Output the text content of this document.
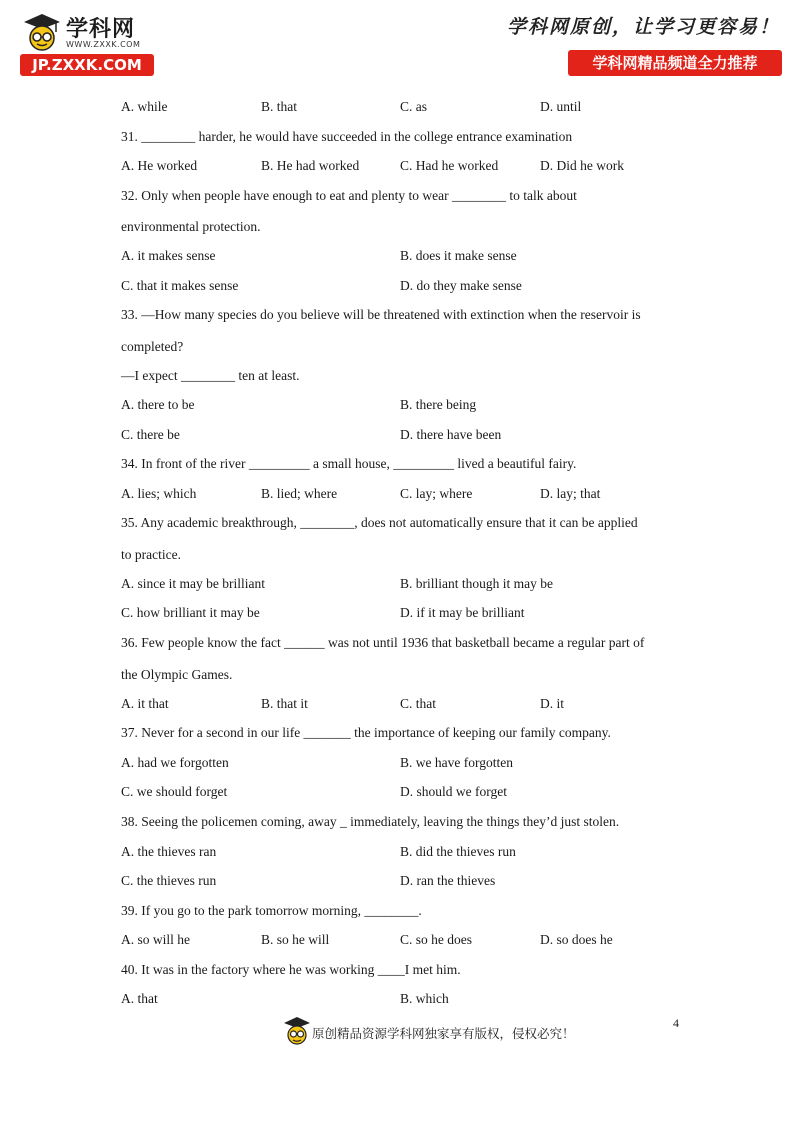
学科网
WWW.ZXXK.COM
JP.ZXXK.COM
学科网原创，让学习更容易！
学科网精品频道全力推荐
A. while	B. that	C. as	D. until
31. ________ harder, he would have succeeded in the college entrance examination
A. He worked	B. He had worked	C. Had he worked	D. Did he work
32. Only when people have enough to eat and plenty to wear ________ to talk about
environmental protection.
A. it makes sense	B. does it make sense
C. that it makes sense	D. do they make sense
33. —How many species do you believe will be threatened with extinction when the reservoir is
completed?
—I expect ________ ten at least.
A. there to be	B. there being
C. there be	D. there have been
34. In front of the river _________ a small house, _________ lived a beautiful fairy.
A. lies; which	B. lied; where	C. lay; where	D. lay; that
35. Any academic breakthrough, ________, does not automatically ensure that it can be applied
to practice.
A. since it may be brilliant	B. brilliant though it may be
C. how brilliant it may be	D. if it may be brilliant
36. Few people know the fact ______ was not until 1936 that basketball became a regular part of
the Olympic Games.
A. it that	B. that it	C. that	D. it
37. Never for a second in our life _______ the importance of keeping our family company.
A. had we forgotten	B. we have forgotten
C. we should forget	D. should we forget
38. Seeing the policemen coming, away _ immediately, leaving the things they’d just stolen.
A. the thieves ran	B. did the thieves run
C. the thieves run	D. ran the thieves
39. If you go to the park tomorrow morning, ________.
A. so will he	B. so he will	C. so he does	D. so does he
40. It was in the factory where he was working ____I met him.
A. that	B. which
原创精品资源学科网独家享有版权，侵权必究！
4
